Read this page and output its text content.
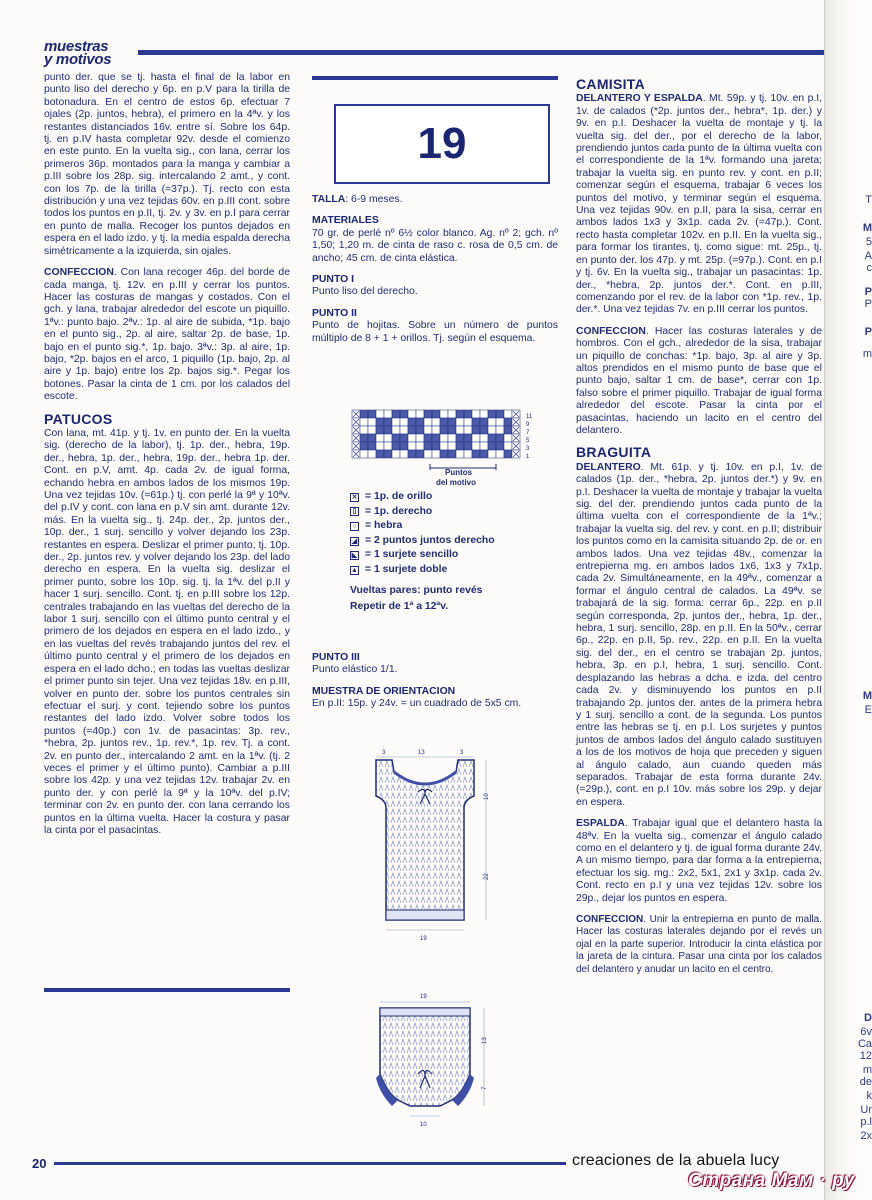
T
M
5
A
c
P
P
P
m
M
E
D
6v
Ca
12
m
de
k
Ur
p.l
2x
muestras
y motivos

punto der. que se tj. hasta el final de la labor en punto liso del derecho y 6p. en p.V para la tirilla de botonadura. En el centro de estos 6p. efectuar 7 ojales (2p. juntos, hebra), el primero en la 4ªv. y los restantes distanciados 16v. entre sí. Sobre los 64p. tj. en p.IV hasta completar 92v. desde el comienzo en este punto. En la vuelta sig., con lana, cerrar los primeros 36p. montados para la manga y cambiar a p.III sobre los 28p. sig. intercalando 2 amt., y cont. con los 7p. de la tirilla (=37p.). Tj. recto con esta distribución y una vez tejidas 60v. en p.III cont. sobre todos los puntos en p.II, tj. 2v. y 3v. en p.I para cerrar en punto de malla. Recoger los puntos dejados en espera en el lado izdo. y tj. la media espalda derecha simétricamente a la izquierda, sin ojales.

CONFECCION. Con lana recoger 46p. del borde de cada manga, tj. 12v. en p.III y cerrar los puntos. Hacer las costuras de mangas y costados. Con el gch. y lana, trabajar alrededor del escote un piquillo. 1ªv.: punto bajo. 2ªv.: 1p. al aire de subida, *1p. bajo en el punto sig., 2p. al aire, saltar 2p. de base, 1p. bajo en el punto sig.*, 1p. bajo. 3ªv.: 3p. al aire, 1p. bajo, *2p. bajos en el arco, 1 piquillo (1p. bajo, 2p. al aire y 1p. bajo) entre los 2p. bajos sig.*. Pegar los botones. Pasar la cinta de 1 cm. por los calados del escote.

PATUCOS

Con lana, mt. 41p. y tj. 1v. en punto der. En la vuelta sig. (derecho de la labor), tj. 1p. der., hebra, 19p. der., hebra, 1p. der., hebra, 19p. der., hebra 1p. der. Cont. en p.V, amt. 4p. cada 2v. de igual forma, echando hebra en ambos lados de los mismos 19p. Una vez tejidas 10v. (=61p.) tj. con perlé la 9ª y 10ªv. del p.IV y cont. con lana en p.V sin amt. durante 12v. más. En la vuelta sig., tj. 24p. der., 2p. juntos der., 10p. der., 1 surj. sencillo y volver dejando los 23p. restantes en espera. Deslizar el primer punto, tj. 10p. der., 2p. juntos rev. y volver dejando los 23p. del lado derecho en espera. En la vuelta sig. deslizar el primer punto, sobre los 10p. sig. tj. la 1ªv. del p.II y hacer 1 surj. sencillo. Cont. tj. en p.III sobre los 12p. centrales trabajando en las vueltas del derecho de la labor 1 surj. sencillo con el último punto central y el primero de los dejados en espera en el lado izdo., y en las vueltas del revés trabajando juntos del rev. el último punto central y el primero de los dejados en espera en el lado dcho.; en todas las vueltas deslizar el primer punto sin tejer. Una vez tejidas 18v. en p.III, volver en punto der. sobre los puntos centrales sin efectuar el surj. y cont. tejiendo sobre los puntos restantes del lado izdo. Volver sobre todos los puntos (=40p.) con 1v. de pasacintas: 3p. rev., *hebra, 2p. juntos rev., 1p. rev.*, 1p. rev. Tj. a cont. 2v. en punto der., intercalando 2 amt. en la 1ªv. (tj. 2 veces el primer y el último punto). Cambiar a p.III sobre los 42p. y una vez tejidas 12v. trabajar 2v. en punto der. y con perlé la 9ª y la 10ªv. del p.IV; terminar con 2v. en punto der. con lana cerrando los puntos en la última vuelta. Hacer la costura y pasar la cinta por el pasacintas.

19

TALLA: 6-9 meses.

MATERIALES

70 gr. de perlé nº 6½ color blanco. Ag. nº 2; gch. nº 1,50; 1,20 m. de cinta de raso c. rosa de 0,5 cm. de ancho; 45 cm. de cinta elástica.

PUNTO I

Punto liso del derecho.

PUNTO II

Punto de hojitas. Sobre un número de puntos múltiplo de 8 + 1 + orillos. Tj. según el esquema.

11
9
7
5
3
1
Puntos
del motivo
✕ = 1p. de orillo
▯ = 1p. derecho
○ = hebra
◢ = 2 puntos juntos derecho
◣ = 1 surjete sencillo
▲ = 1 surjete doble
Vueltas pares: punto revés
Repetir de 1ª a 12ªv.
PUNTO III

Punto elástico 1/1.

MUESTRA DE ORIENTACION

En p.II: 15p. y 24v. = un cuadrado de 5x5 cm.

3	13	3
10
22
19
19
13
7
10
CAMISITA

DELANTERO Y ESPALDA. Mt. 59p. y tj. 10v. en p.I, 1v. de calados (*2p. juntos der., hebra*, 1p. der.) y 9v. en p.I. Deshacer la vuelta de montaje y tj. la vuelta sig. del der., por el derecho de la labor, prendiendo juntos cada punto de la última vuelta con el correspondiente de la 1ªv. formando una jareta; trabajar la vuelta sig. en punto rev. y cont. en p.II; comenzar según el esquema, trabajar 6 veces los puntos del motivo, y terminar según el esquema. Una vez tejidas 90v. en p.II, para la sisa, cerrar en ambos lados 1x3 y 3x1p. cada 2v. (=47p.). Cont. recto hasta completar 102v. en p.II. En la vuelta sig., para formar los tirantes, tj. como sigue: mt. 25p., tj. en punto der. los 47p. y mt. 25p. (=97p.). Cont. en p.I y tj. 6v. En la vuelta sig., trabajar un pasacintas: 1p. der., *hebra, 2p. juntos der.*. Cont. en p.III, comenzando por el rev. de la labor con *1p. rev., 1p. der.*. Una vez tejidas 7v. en p.III cerrar los puntos.

CONFECCION. Hacer las costuras laterales y de hombros. Con el gch., alrededor de la sisa, trabajar un piquillo de conchas: *1p. bajo, 3p. al aire y 3p. altos prendidos en el mismo punto de base que el punto bajo, saltar 1 cm. de base*, cerrar con 1p. falso sobre el primer piquillo. Trabajar de igual forma alrededor del escote. Pasar la cinta por el pasacintas, haciendo un lacito en el centro del delantero.

BRAGUITA

DELANTERO. Mt. 61p. y tj. 10v. en p.I, 1v. de calados (1p. der., *hebra, 2p. juntos der.*) y 9v. en p.I. Deshacer la vuelta de montaje y trabajar la vuelta sig. del der. prendiendo juntos cada punto de la última vuelta con el correspondiente de la 1ªv.; trabajar la vuelta sig. del rev. y cont. en p.II; distribuir los puntos como en la camisita situando 2p. de or. en ambos lados. Una vez tejidas 48v., comenzar la entrepierna mg. en ambos lados 1x6, 1x3 y 7x1p. cada 2v. Simultáneamente, en la 49ªv., comenzar a formar el ángulo central de calados. La 49ªv. se trabajará de la sig. forma: cerrar 6p., 22p. en p.II según corresponda, 2p. juntos der., hebra, 1p. der., hebra, 1 surj. sencillo, 28p. en p.II. En la 50ªv., cerrar 6p., 22p. en p.II, 5p. rev., 22p. en p.II. En la vuelta sig. del der., en el centro se trabajan 2p. juntos, hebra, 3p. en p.I, hebra, 1 surj. sencillo. Cont. desplazando las hebras a dcha. e izda. del centro cada 2v. y disminuyendo los puntos en p.II trabajando 2p. juntos der. antes de la primera hebra y 1 surj. sencillo a cont. de la segunda. Los puntos entre las hebras se tj. en p.I. Los surjetes y puntos juntos de ambos lados del ángulo calado sustituyen a los de los motivos de hoja que preceden y siguen al ángulo calado, aun cuando queden más separados. Trabajar de esta forma durante 24v. (=29p.), cont. en p.I 10v. más sobre los 29p. y dejar en espera.

ESPALDA. Trabajar igual que el delantero hasta la 48ªv. En la vuelta sig., comenzar el ángulo calado como en el delantero y tj. de igual forma durante 24v. A un mismo tiempo, para dar forma a la entrepierna, efectuar los sig. mg.: 2x2, 5x1, 2x1 y 3x1p. cada 2v. Cont. recto en p.I y una vez tejidas 12v. sobre los 29p., dejar los puntos en espera.

CONFECCION. Unir la entrepierna en punto de malla. Hacer las costuras laterales dejando por el revés un ojal en la parte superior. Introducir la cinta elástica por la jareta de la cintura. Pasar una cinta por los calados del delantero y anudar un lacito en el centro.

20	creaciones de la abuela lucy
Страна Мам · ру
